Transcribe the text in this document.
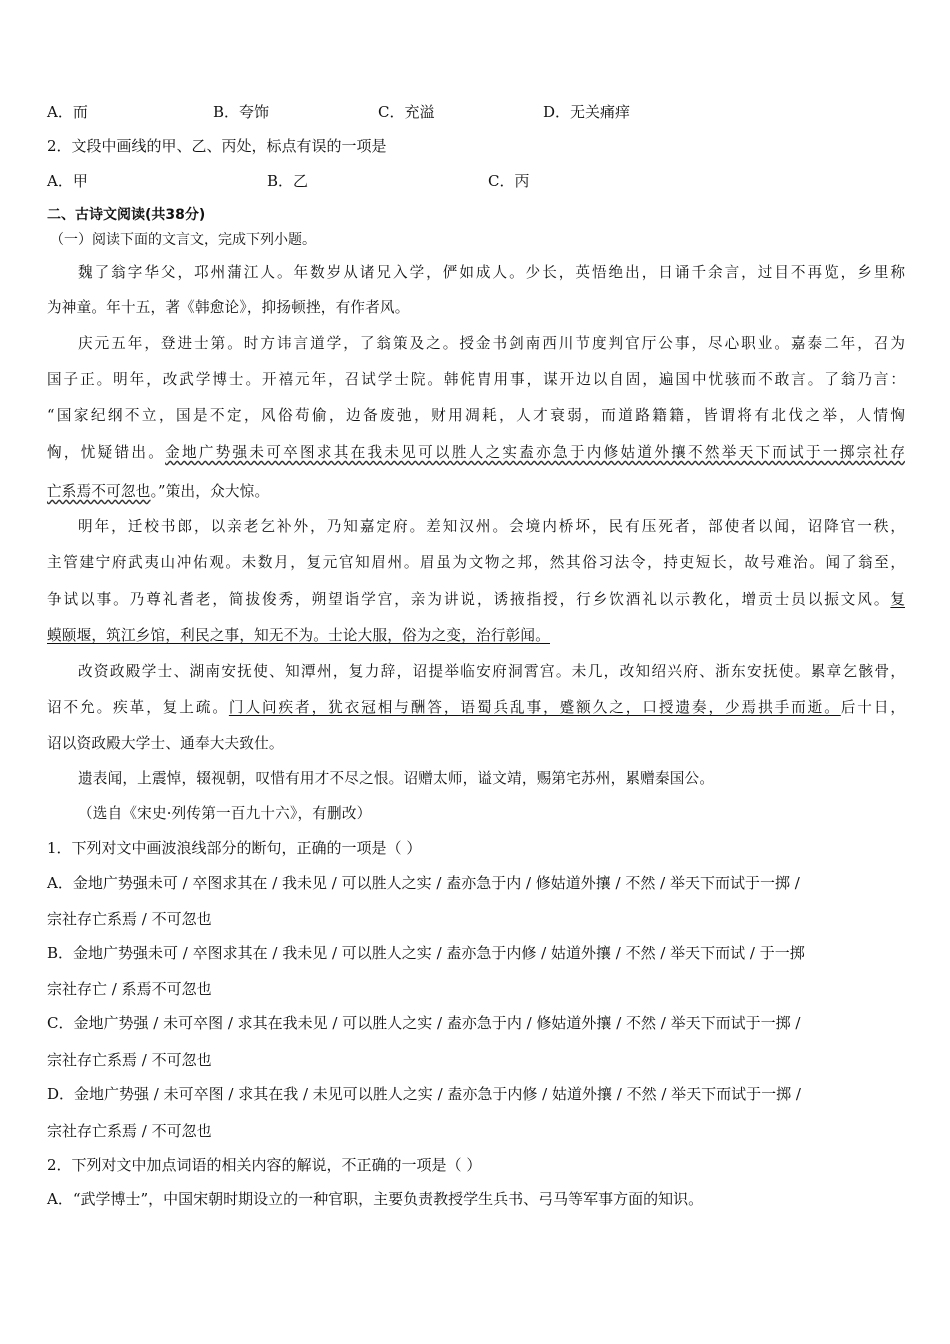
A．而	B．夸饰	C．充溢	D．无关痛痒
2．文段中画线的甲、乙、丙处，标点有误的一项是
A．甲	B．乙	C．丙
二、古诗文阅读(共38分)
（一）阅读下面的文言文，完成下列小题。
魏了翁字华父，邛州蒲江人。年数岁从诸兄入学，俨如成人。少长，英悟绝出，日诵千余言，过目不再览，乡里称
为神童。年十五，著《韩愈论》，抑扬顿挫，有作者风。
庆元五年，登进士第。时方讳言道学，了翁策及之。授金书剑南西川节度判官厅公事，尽心职业。嘉泰二年，召为
国子正。明年，改武学博士。开禧元年，召试学士院。韩侂胄用事，谋开边以自固，遍国中忧骇而不敢言。了翁乃言：
“国家纪纲不立，国是不定，风俗苟偷，边备废弛，财用凋耗，人才衰弱，而道路籍籍，皆谓将有北伐之举，人情恟
恟，忧疑错出。金地广势强未可卒图求其在我未见可以胜人之实盍亦急于内修姑道外攘不然举天下而试于一掷宗社存
亡系焉不可忽也。”策出，众大惊。
明年，迁校书郎，以亲老乞补外，乃知嘉定府。差知汉州。会境内桥坏，民有压死者，部使者以闻，诏降官一秩，
主管建宁府武夷山冲佑观。未数月，复元官知眉州。眉虽为文物之邦，然其俗习法令，持吏短长，故号难治。闻了翁至，
争试以事。乃尊礼耆老，简拔俊秀，朔望诣学宫，亲为讲说，诱掖指授，行乡饮酒礼以示教化，增贡士员以振文风。复
蟆颐堰，筑江乡馆，利民之事，知无不为。士论大服，俗为之变，治行彰闻。
改资政殿学士、湖南安抚使、知潭州，复力辞，诏提举临安府洞霄宫。未几，改知绍兴府、浙东安抚使。累章乞骸骨，
诏不允。疾革，复上疏。门人问疾者，犹衣冠相与酬答，语蜀兵乱事，蹙额久之，口授遗奏，少焉拱手而逝。后十日，
诏以资政殿大学士、通奉大夫致仕。
遗表闻，上震悼，辍视朝，叹惜有用才不尽之恨。诏赠太师，谥文靖，赐第宅苏州，累赠秦国公。
（选自《宋史·列传第一百九十六》，有删改）
1．下列对文中画波浪线部分的断句，正确的一项是（ ）
A．金地广势强未可 / 卒图求其在 / 我未见 / 可以胜人之实 / 盍亦急于内 / 修姑道外攘 / 不然 / 举天下而试于一掷 /
宗社存亡系焉 / 不可忽也
B．金地广势强未可 / 卒图求其在 / 我未见 / 可以胜人之实 / 盍亦急于内修 / 姑道外攘 / 不然 / 举天下而试 / 于一掷
宗社存亡 / 系焉不可忽也
C．金地广势强 / 未可卒图 / 求其在我未见 / 可以胜人之实 / 盍亦急于内 / 修姑道外攘 / 不然 / 举天下而试于一掷 /
宗社存亡系焉 / 不可忽也
D．金地广势强 / 未可卒图 / 求其在我 / 未见可以胜人之实 / 盍亦急于内修 / 姑道外攘 / 不然 / 举天下而试于一掷 /
宗社存亡系焉 / 不可忽也
2．下列对文中加点词语的相关内容的解说，不正确的一项是（ ）
A．“武学博士”，中国宋朝时期设立的一种官职，主要负责教授学生兵书、弓马等军事方面的知识。
